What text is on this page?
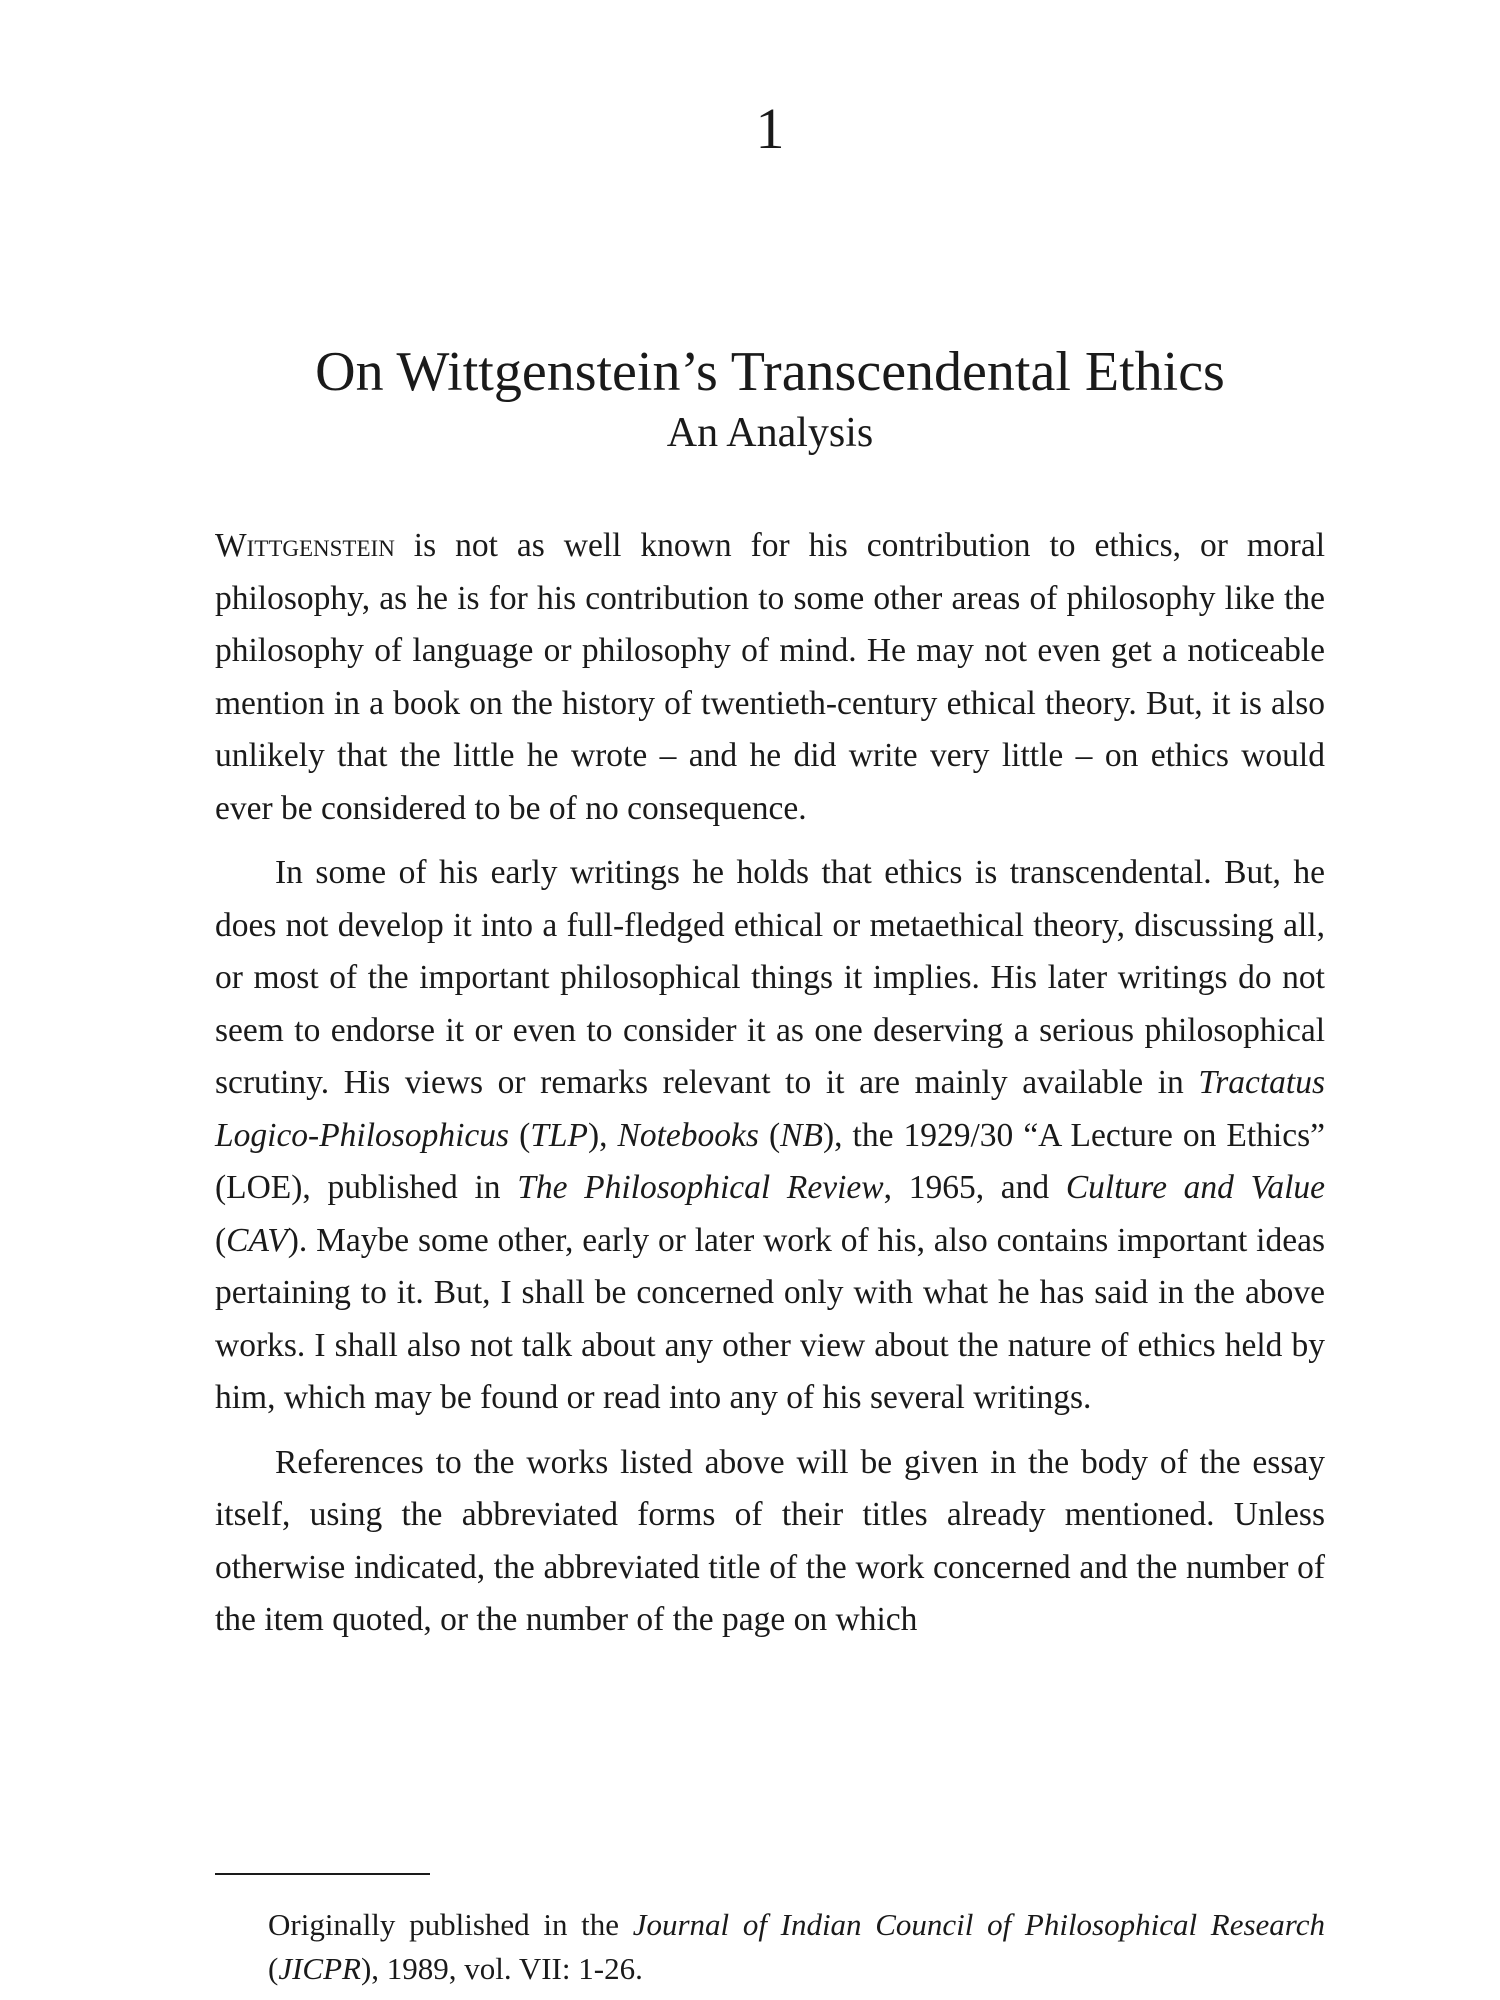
1
On Wittgenstein’s Transcendental Ethics
An Analysis

Wittgenstein is not as well known for his contribution to ethics, or moral philosophy, as he is for his contribution to some other areas of philosophy like the philosophy of language or philosophy of mind. He may not even get a noticeable mention in a book on the history of twentieth-century ethical theory. But, it is also unlikely that the little he wrote – and he did write very little – on ethics would ever be considered to be of no consequence.

In some of his early writings he holds that ethics is transcendental. But, he does not develop it into a full-fledged ethical or metaethical theory, discussing all, or most of the important philosophical things it implies. His later writings do not seem to endorse it or even to consider it as one deserving a serious philosophical scrutiny. His views or remarks relevant to it are mainly available in Tractatus Logico-Philosophicus (TLP), Notebooks (NB), the 1929/30 “A Lecture on Ethics” (LOE), published in The Philosophical Review, 1965, and Culture and Value (CAV). Maybe some other, early or later work of his, also contains important ideas pertaining to it. But, I shall be concerned only with what he has said in the above works. I shall also not talk about any other view about the nature of ethics held by him, which may be found or read into any of his several writings.

References to the works listed above will be given in the body of the essay itself, using the abbreviated forms of their titles already mentioned. Unless otherwise indicated, the abbreviated title of the work concerned and the number of the item quoted, or the number of the page on which

Originally published in the Journal of Indian Council of Philosophical Research (JICPR), 1989, vol. VII: 1-26.
